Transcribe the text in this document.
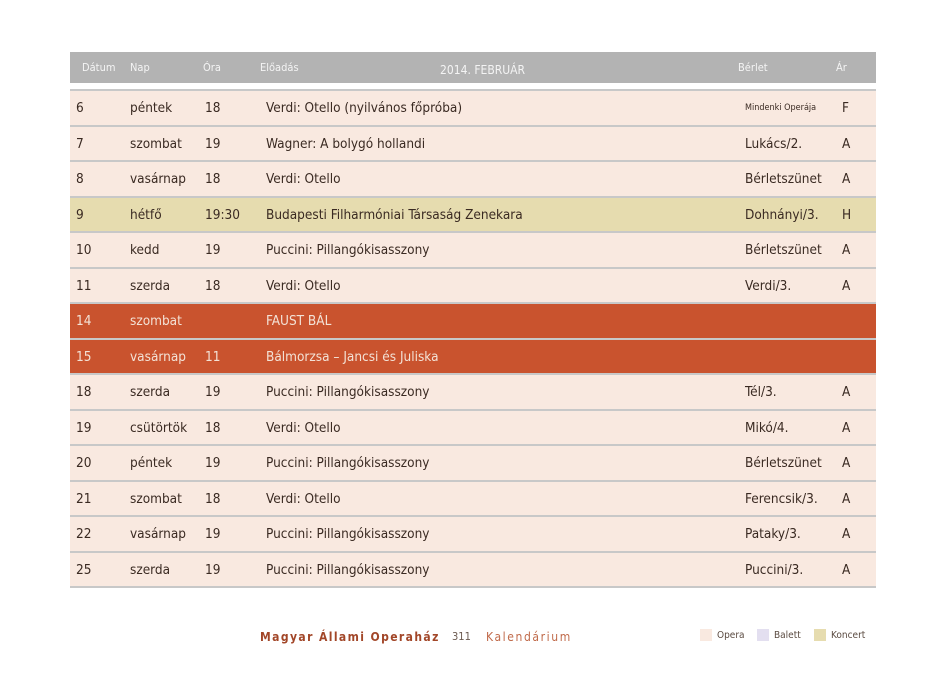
Dátum Nap	Óra	Előadás	2014. FEBRUÁR	Bérlet	Ár
6	péntek 18	Verdi: Otello (nyilvános főpróba)	Mindenki Operája F
7	szombat 19	Wagner: A bolygó hollandi	Lukács/2.	A
8	vasárnap 18	Verdi: Otello	Bérletszünet A
9	hétfő	19:30 Budapesti Filharmóniai Társaság Zenekara	Dohnányi/3. H
10	kedd	19	Puccini: Pillangókisasszony	Bérletszünet A
11	szerda	18	Verdi: Otello	Verdi/3.	A
14	szombat	FAUST BÁL
15	vasárnap 11	Bálmorzsa – Jancsi és Juliska
18	szerda	19	Puccini: Pillangókisasszony	Tél/3.	A
19	csütörtök 18	Verdi: Otello	Mikó/4.	A
20	péntek 19	Puccini: Pillangókisasszony	Bérletszünet A
21	szombat 18	Verdi: Otello	Ferencsik/3. A
22	vasárnap 19	Puccini: Pillangókisasszony	Pataky/3.	A
25	szerda	19	Puccini: Pillangókisasszony	Puccini/3.	A
Magyar Állami Operaház 311 Kalendárium	Opera	Balett	Koncert
